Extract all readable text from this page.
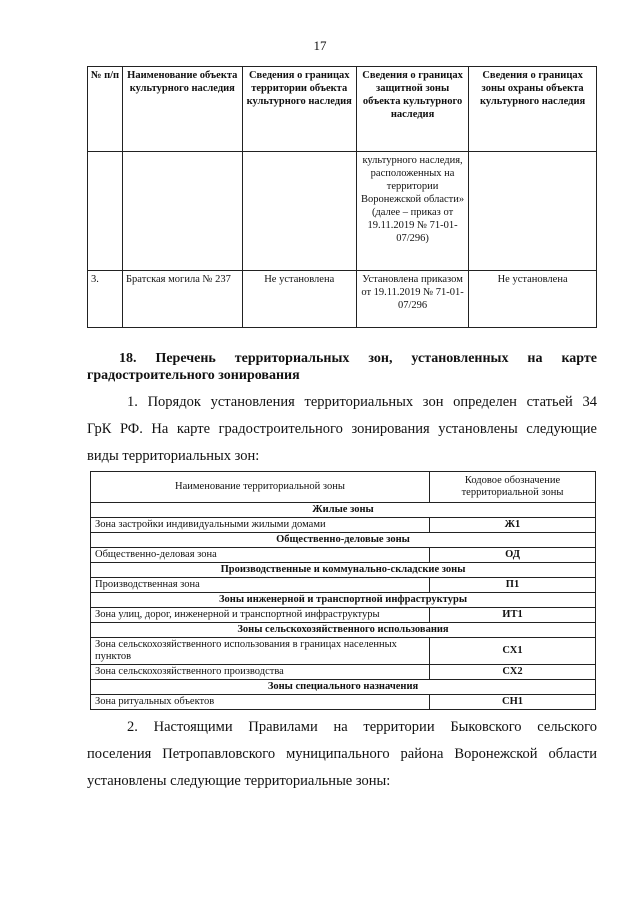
17
№ п/п	Наименование объекта культурного наследия	Сведения о границах территории объекта культурного наследия	Сведения о границах защитной зоны объекта культурного наследия	Сведения о границах зоны охраны объекта культурного наследия
			культурного наследия, расположенных на территории Воронежской области» (далее – приказ от 19.11.2019 № 71-01-07/296)	
3.	Братская могила № 237	Не установлена	Установлена приказом от 19.11.2019 № 71-01-07/296	Не установлена
18. Перечень территориальных зон, установленных на карте
градостроительного зонирования
1. Порядок установления территориальных зон определен статьей 34
ГрК РФ. На карте градостроительного зонирования установлены следующие
виды территориальных зон:
Наименование территориальной зоны	Кодовое обозначение территориальной зоны
Жилые зоны	
Зона застройки индивидуальными жилыми домами	Ж1
Общественно-деловые зоны	
Общественно-деловая зона	ОД
Производственные и коммунально-складские зоны	
Производственная зона	П1
Зоны инженерной и транспортной инфраструктуры	
Зона улиц, дорог, инженерной и транспортной инфраструктуры	ИТ1
Зоны сельскохозяйственного использования	
Зона сельскохозяйственного использования в границах населенных пунктов	СХ1
Зона сельскохозяйственного производства	СХ2
Зоны специального назначения	
Зона ритуальных объектов	СН1
2. Настоящими Правилами на территории Быковского сельского
поселения Петропавловского муниципального района Воронежской области
установлены следующие территориальные зоны:
